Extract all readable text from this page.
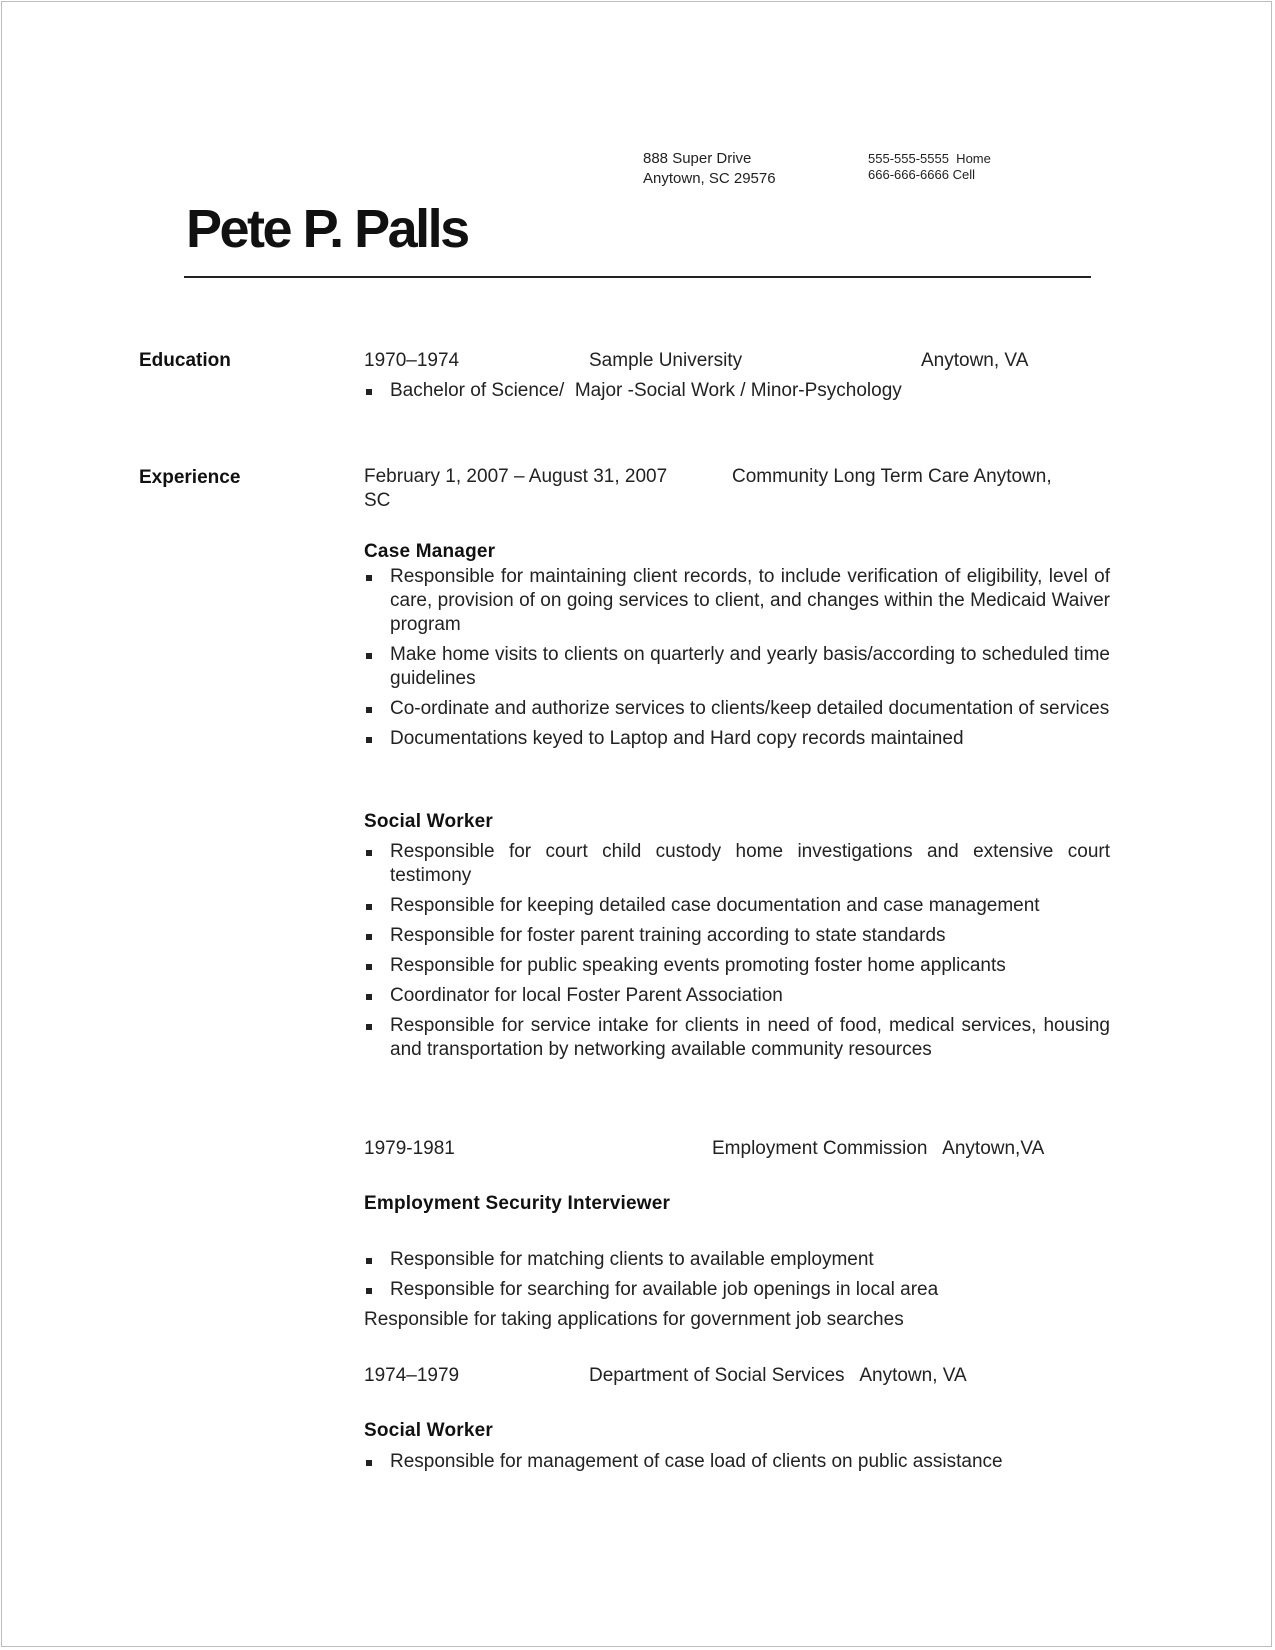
888 Super Drive
Anytown, SC 29576
555-555-5555  Home
666-666-6666 Cell
Pete P. Palls
Education	1970–1974	Sample University	Anytown, VA
Bachelor of Science/  Major -Social Work / Minor-Psychology
Experience	February 1, 2007 – August 31, 2007	Community Long Term Care Anytown,
SC
Case Manager
Responsible for maintaining client records, to include verification of eligibility, level of care, provision of on going services to client, and changes within the Medicaid Waiver program
Make home visits to clients on quarterly and yearly basis/according to scheduled time guidelines
Co-ordinate and authorize services to clients/keep detailed documentation of services
Documentations keyed to Laptop and Hard copy records maintained
Social Worker
Responsible for court child custody home investigations and extensive court testimony
Responsible for keeping detailed case documentation and case management
Responsible for foster parent training according to state standards
Responsible for public speaking events promoting foster home applicants
Coordinator for local Foster Parent Association
Responsible for service intake for clients in need of food, medical services, housing and transportation by networking available community resources
1979-1981	Employment Commission   Anytown,VA
Employment Security Interviewer
Responsible for matching clients to available employment
Responsible for searching for available job openings in local area
Responsible for taking applications for government job searches
1974–1979	Department of Social Services   Anytown, VA
Social Worker
Responsible for management of case load of clients on public assistance
